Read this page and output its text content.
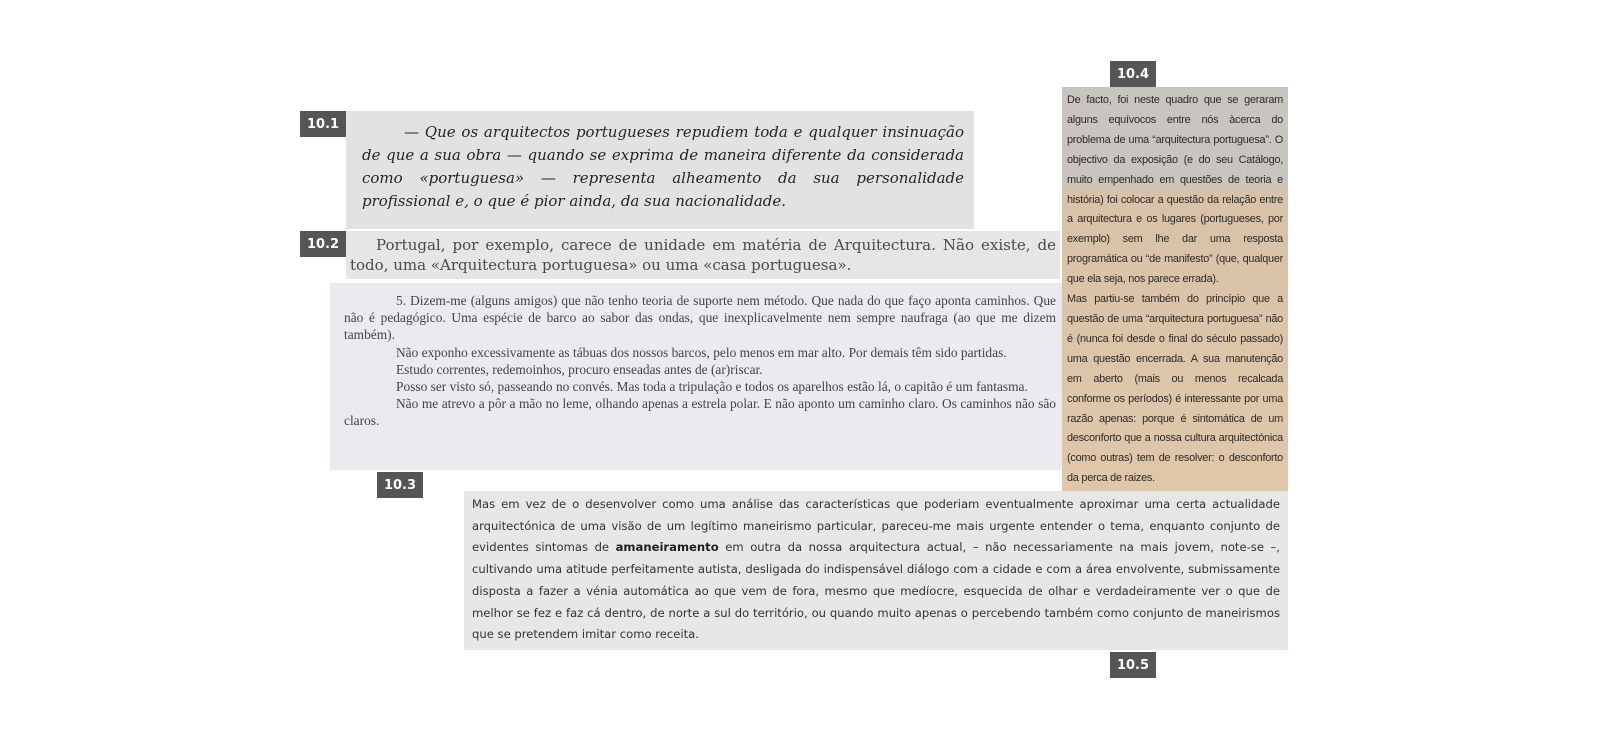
10.1	— Que os arquitectos portugueses repudiem toda e qualquer insinuação de que a sua obra — quando se exprima de maneira diferente da considerada como «portuguesa» — representa alheamento da sua personalidade profissional e, o que é pior ainda, da sua nacionalidade.

10.2	Portugal, por exemplo, carece de unidade em matéria de Arquitectura. Não existe, de todo, uma «Arquitectura portuguesa» ou uma «casa portuguesa».

5. Dizem-me (alguns amigos) que não tenho teoria de suporte nem método. Que nada do que faço aponta caminhos. Que não é pedagógico. Uma espécie de barco ao sabor das ondas, que inexplicavelmente nem sempre naufraga (ao que me dizem também).

Não exponho excessivamente as tábuas dos nossos barcos, pelo menos em mar alto. Por demais têm sido partidas.

Estudo correntes, redemoinhos, procuro enseadas antes de (ar)riscar.

Posso ser visto só, passeando no convés. Mas toda a tripulação e todos os aparelhos estão lá, o capitão é um fantasma.

Não me atrevo a pôr a mão no leme, olhando apenas a estrela polar. E não aponto um caminho claro. Os caminhos não são claros.

10.3
10.4

De facto, foi neste quadro que se geraram alguns equívocos entre nós àcerca do problema de uma “arquitectura portuguesa”. O objectivo da exposição (e do seu Catálogo, muito empenhado em questões de teoria e história) foi colocar a questão da relação entre a arquitectura e os lugares (portugueses, por exemplo) sem lhe dar uma resposta programática ou “de manifesto” (que, qualquer que ela seja, nos parece errada).

Mas partiu-se também do princípio que a questão de uma “arquitectura portuguesa” não é (nunca foi desde o final do século passado) uma questão encerrada. A sua manutenção em aberto (mais ou menos recalcada conforme os períodos) é interessante por uma razão apenas: porque é sintomática de um desconforto que a nossa cultura arquitectónica (como outras) tem de resolver: o desconforto da perca de raizes.

Mas em vez de o desenvolver como uma análise das características que poderiam eventualmente aproximar uma certa actualidade arquitectónica de uma visão de um legítimo maneirismo particular, pareceu-me mais urgente entender o tema, enquanto conjunto de evidentes sintomas de amaneiramento em outra da nossa arquitectura actual, – não necessariamente na mais jovem, note-se –, cultivando uma atitude perfeitamente autista, desligada do indispensável diálogo com a cidade e com a área envolvente, submissamente disposta a fazer a vénia automática ao que vem de fora, mesmo que medíocre, esquecida de olhar e verdadeiramente ver o que de melhor se fez e faz cá dentro, de norte a sul do território, ou quando muito apenas o percebendo também como conjunto de maneirismos que se pretendem imitar como receita.

10.5
